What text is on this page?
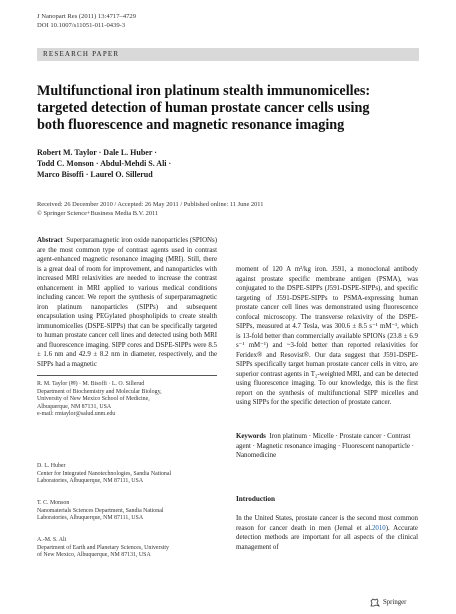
J Nanopart Res (2011) 13:4717–4729
DOI 10.1007/s11051-011-0439-3
RESEARCH PAPER
Multifunctional iron platinum stealth immunomicelles:
targeted detection of human prostate cancer cells using
both fluorescence and magnetic resonance imaging
Robert M. Taylor · Dale L. Huber ·
Todd C. Monson · Abdul-Mehdi S. Ali ·
Marco Bisoffi · Laurel O. Sillerud
Received: 26 December 2010 / Accepted: 26 May 2011 / Published online: 11 June 2011
© Springer Science+Business Media B.V. 2011
Abstract Superparamagnetic iron oxide nanoparticles (SPIONs) are the most common type of contrast agents used in contrast agent-enhanced magnetic resonance imaging (MRI). Still, there is a great deal of room for improvement, and nanoparticles with increased MRI relaxivities are needed to increase the contrast enhancement in MRI applied to various medical conditions including cancer. We report the synthesis of superparamagnetic iron platinum nanoparticles (SIPPs) and subsequent encapsulation using PEGylated phospholipids to create stealth immunomicelles (DSPE-SIPPs) that can be specifically targeted to human prostate cancer cell lines and detected using both MRI and fluorescence imaging. SIPP cores and DSPE-SIPPs were 8.5 ± 1.6 nm and 42.9 ± 8.2 nm in diameter, respectively, and the SIPPs had a magnetic
R. M. Taylor (✉) · M. Bisoffi · L. O. Sillerud
Department of Biochemistry and Molecular Biology,
University of New Mexico School of Medicine,
Albuquerque, NM 87131, USA
e-mail: rmtaylor@salud.unm.edu
D. L. Huber
Center for Integrated Nanotechnologies, Sandia National
Laboratories, Albuquerque, NM 87111, USA
T. C. Monson
Nanomaterials Sciences Department, Sandia National
Laboratories, Albuquerque, NM 87111, USA
A.-M. S. Ali
Department of Earth and Planetary Sciences, University
of New Mexico, Albuquerque, NM 87131, USA
moment of 120 A m²/kg iron. J591, a monoclonal antibody against prostate specific membrane antigen (PSMA), was conjugated to the DSPE-SIPPs (J591-DSPE-SIPPs), and specific targeting of J591-DSPE-SIPPs to PSMA-expressing human prostate cancer cell lines was demonstrated using fluorescence confocal microscopy. The transverse relaxivity of the DSPE-SIPPs, measured at 4.7 Tesla, was 300.6 ± 8.5 s⁻¹ mM⁻¹, which is 13-fold better than commercially available SPIONs (23.8 ± 6.9 s⁻¹ mM⁻¹) and ~3-fold better than reported relaxivities for Feridex® and Resovist®. Our data suggest that J591-DSPE-SIPPs specifically target human prostate cancer cells in vitro, are superior contrast agents in T₂-weighted MRI, and can be detected using fluorescence imaging. To our knowledge, this is the first report on the synthesis of multifunctional SIPP micelles and using SIPPs for the specific detection of prostate cancer.
Keywords Iron platinum · Micelle · Prostate cancer · Contrast agent · Magnetic resonance imaging · Fluorescent nanoparticle · Nanomedicine
Introduction
In the United States, prostate cancer is the second most common reason for cancer death in men (Jemal et al.2010). Accurate detection methods are important for all aspects of the clinical management of
Springer
